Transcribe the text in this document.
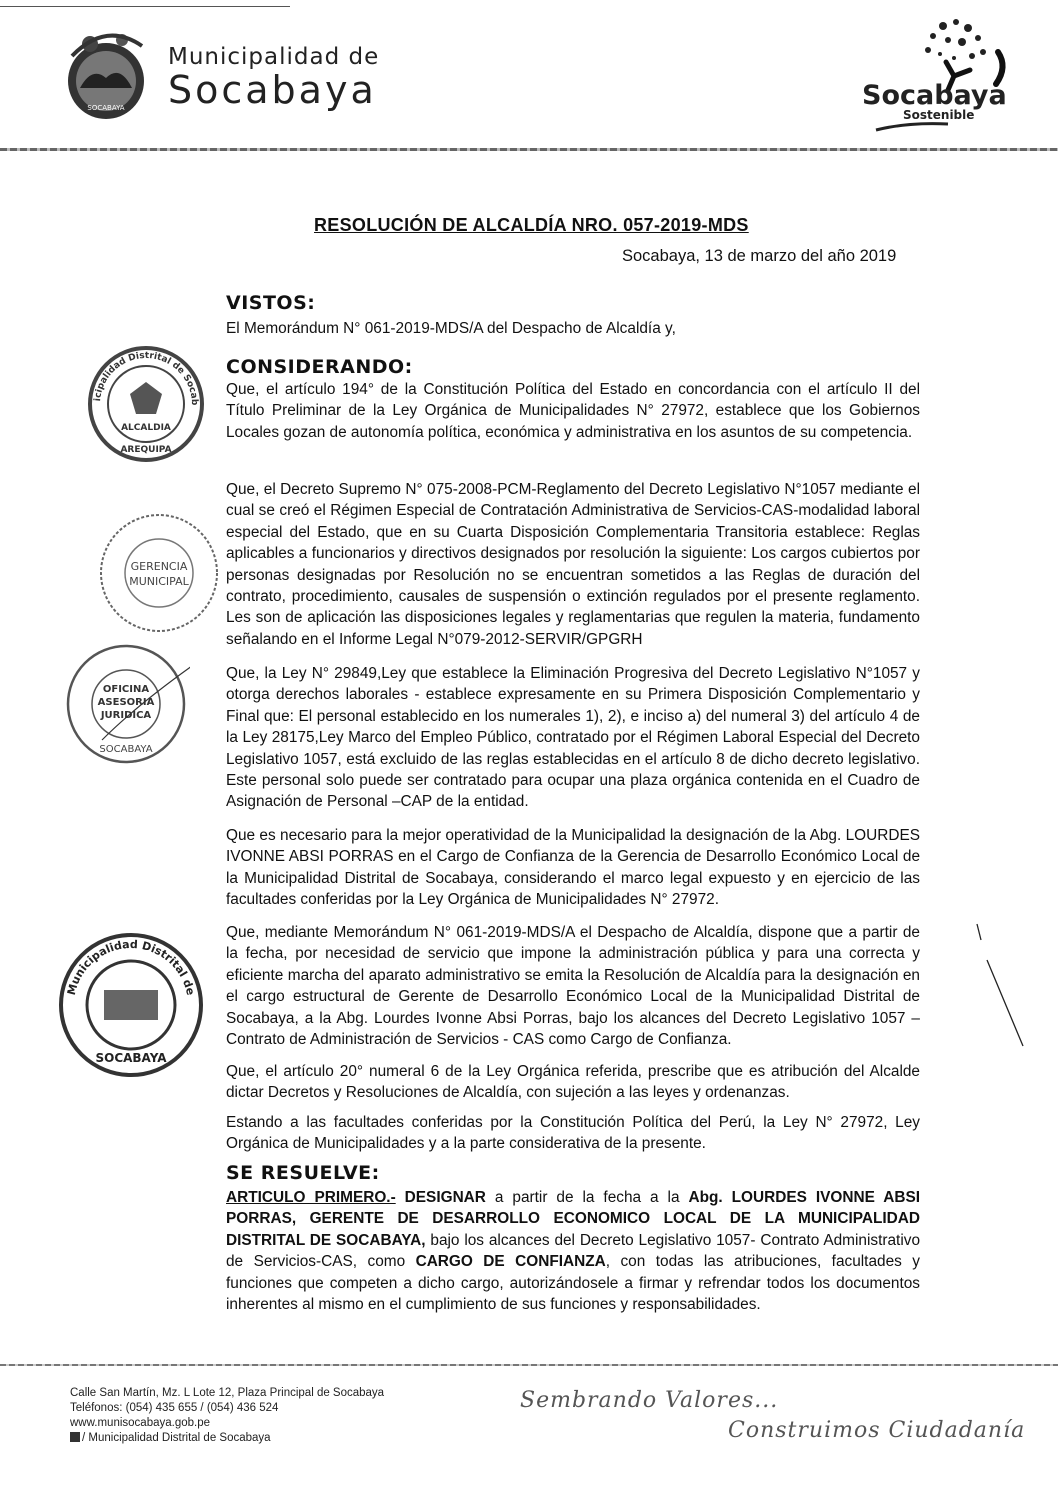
SOCABAYA
Municipalidad de
Socabaya	Socabaya
Sostenible
RESOLUCIÓN DE ALCALDÍA NRO. 057-2019-MDS
Socabaya, 13 de marzo del año 2019
VISTOS:
El Memorándum N° 061-2019-MDS/A del Despacho de Alcaldía y,
CONSIDERANDO:

Que, el artículo 194° de la Constitución Política del Estado en concordancia con el artículo II del Título Preliminar de la Ley Orgánica de Municipalidades N° 27972, establece que los Gobiernos Locales gozan de autonomía política, económica y administrativa en los asuntos de su competencia.

Que, el Decreto Supremo N° 075-2008-PCM-Reglamento del Decreto Legislativo N°1057 mediante el cual se creó el Régimen Especial de Contratación Administrativa de Servicios-CAS-modalidad laboral especial del Estado, que en su Cuarta Disposición Complementaria Transitoria establece: Reglas aplicables a funcionarios y directivos designados por resolución la siguiente: Los cargos cubiertos por personas designadas por Resolución no se encuentran sometidos a las Reglas de duración del contrato, procedimiento, causales de suspensión o extinción regulados por el presente reglamento. Les son de aplicación las disposiciones legales y reglamentarias que regulen la materia, fundamento señalando en el Informe Legal N°079-2012-SERVIR/GPGRH

Que, la Ley N° 29849,Ley que establece la Eliminación Progresiva del Decreto Legislativo N°1057 y otorga derechos laborales - establece expresamente en su Primera Disposición Complementario y Final que: El personal establecido en los numerales 1), 2), e inciso a) del numeral 3) del artículo 4 de la Ley 28175,Ley Marco del Empleo Público, contratado por el Régimen Laboral Especial del Decreto Legislativo 1057, está excluido de las reglas establecidas en el artículo 8 de dicho decreto legislativo. Este personal solo puede ser contratado para ocupar una plaza orgánica contenida en el Cuadro de Asignación de Personal –CAP de la entidad.

Que es necesario para la mejor operatividad de la Municipalidad la designación de la Abg. LOURDES IVONNE ABSI PORRAS en el Cargo de Confianza de la Gerencia de Desarrollo Económico Local de la Municipalidad Distrital de Socabaya, considerando el marco legal expuesto y en ejercicio de las facultades conferidas por la Ley Orgánica de Municipalidades N° 27972.

Que, mediante Memorándum N° 061-2019-MDS/A el Despacho de Alcaldía, dispone que a partir de la fecha, por necesidad de servicio que impone la administración pública y para una correcta y eficiente marcha del aparato administrativo se emita la Resolución de Alcaldía para la designación en el cargo estructural de Gerente de Desarrollo Económico Local de la Municipalidad Distrital de Socabaya, a la Abg. Lourdes Ivonne Absi Porras, bajo los alcances del Decreto Legislativo 1057 – Contrato de Administración de Servicios - CAS como Cargo de Confianza.

Que, el artículo 20° numeral 6 de la Ley Orgánica referida, prescribe que es atribución del Alcalde dictar Decretos y Resoluciones de Alcaldía, con sujeción a las leyes y ordenanzas.

Estando a las facultades conferidas por la Constitución Política del Perú, la Ley N° 27972, Ley Orgánica de Municipalidades y a la parte considerativa de la presente.

SE RESUELVE:

ARTICULO PRIMERO.- DESIGNAR a partir de la fecha a la Abg. LOURDES IVONNE ABSI PORRAS, GERENTE DE DESARROLLO ECONOMICO LOCAL DE LA MUNICIPALIDAD DISTRITAL DE SOCABAYA, bajo los alcances del Decreto Legislativo 1057- Contrato Administrativo de Servicios-CAS, como CARGO DE CONFIANZA, con todas las atribuciones, facultades y funciones que competen a dicho cargo, autorizándosele a firmar y refrendar todos los documentos inherentes al mismo en el cumplimiento de sus funciones y responsabilidades.

icipalidad Distrital de Socab
ALCALDIA
AREQUIPA
GERENCIA
MUNICIPAL
OFICINA
ASESORIA
JURIDICA
SOCABAYA
Municipalidad Distrital de
SOCABAYA
Calle San Martín, Mz. L Lote 12, Plaza Principal de Socabaya
Teléfonos: (054) 435 655 / (054) 436 524
www.munisocabaya.gob.pe
/ Municipalidad Distrital de Socabaya
Sembrando Valores...
Construimos Ciudadanía
